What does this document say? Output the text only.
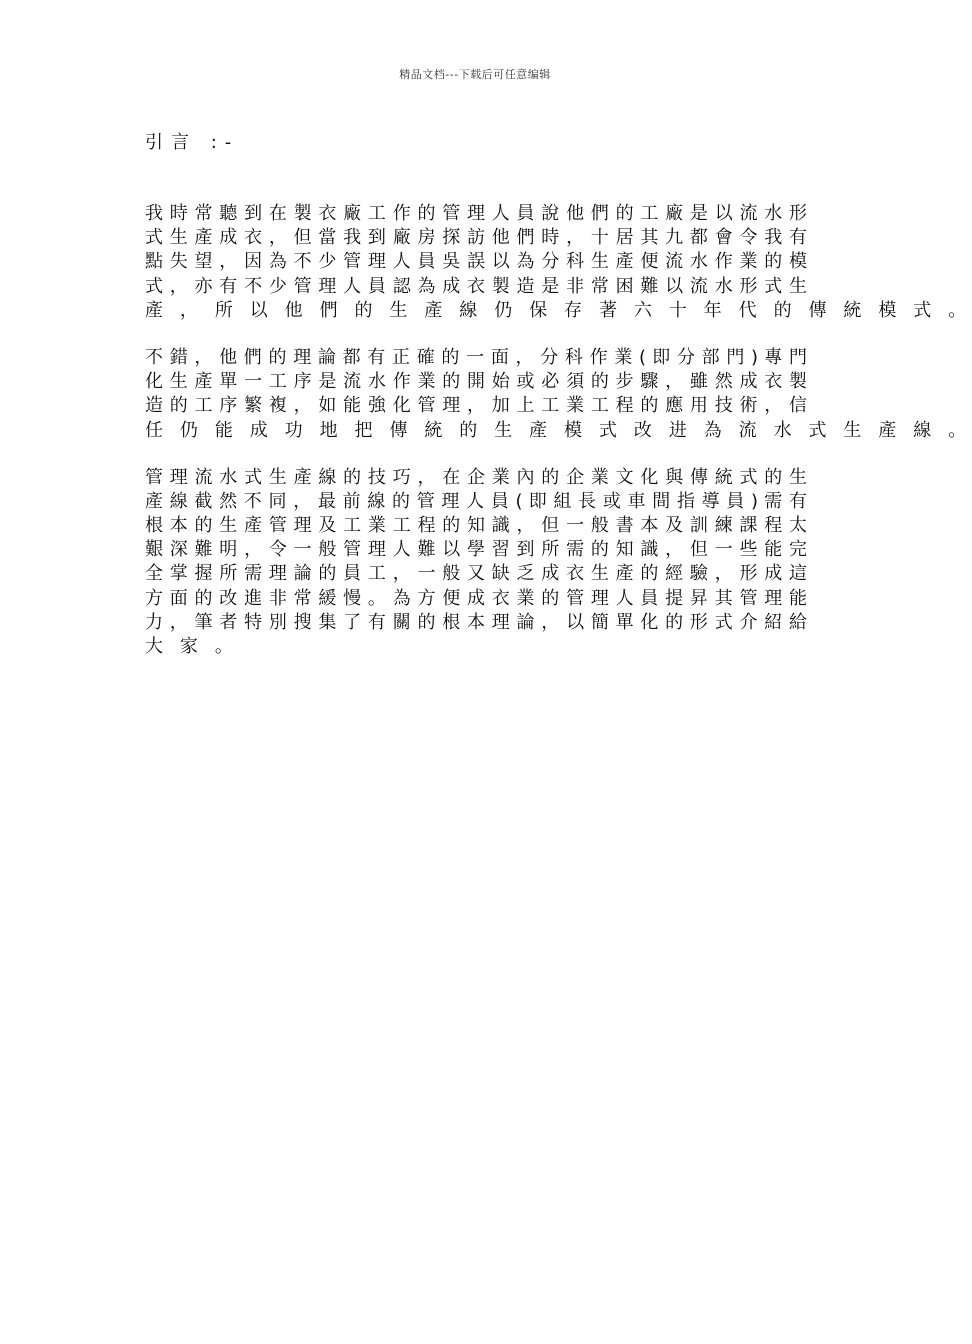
精品文档---下载后可任意编辑
引言 :-
我 時 常 聽 到 在 製 衣 廠 工 作 的 管 理 人 員 說 他 們 的 工 廠 是 以 流 水 形
式 生 產 成 衣 ， 但 當 我 到 廠 房 探 訪 他 們 時 ， 十 居 其 九 都 會 令 我 有
點 失 望 ， 因 為 不 少 管 理 人 員 吳 誤 以 為 分 科 生 產 便 流 水 作 業 的 模
式 ， 亦 有 不 少 管 理 人 員 認 為 成 衣 製 造 是 非 常 困 難 以 流 水 形 式 生
產 ， 所 以 他 們 的 生 產 線 仍 保 存 著 六 十 年 代 的 傳 統 模 式 。
不 錯 ， 他 們 的 理 論 都 有 正 確 的 一 面 ， 分 科 作 業 ( 即 分 部 門 ) 專 門
化 生 產 單 一 工 序 是 流 水 作 業 的 開 始 或 必 須 的 步 驟 ， 雖 然 成 衣 製
造 的 工 序 繁 複 ， 如 能 強 化 管 理 ， 加 上 工 業 工 程 的 應 用 技 術 ， 信
任 仍 能 成 功 地 把 傳 統 的 生 產 模 式 改 进 為 流 水 式 生 產 線 。
管 理 流 水 式 生 產 線 的 技 巧 ， 在 企 業 內 的 企 業 文 化 與 傳 統 式 的 生
產 線 截 然 不 同 ， 最 前 線 的 管 理 人 員 ( 即 組 長 或 車 間 指 導 員 ) 需 有
根 本 的 生 產 管 理 及 工 業 工 程 的 知 識 ， 但 一 般 書 本 及 訓 練 課 程 太
艱 深 難 明 ， 令 一 般 管 理 人 難 以 學 習 到 所 需 的 知 識 ， 但 一 些 能 完
全 掌 握 所 需 理 論 的 員 工 ， 一 般 又 缺 乏 成 衣 生 產 的 經 驗 ， 形 成 這
方 面 的 改 進 非 常 緩 慢 。 為 方 便 成 衣 業 的 管 理 人 員 提 昇 其 管 理 能
力 ， 筆 者 特 別 搜 集 了 有 關 的 根 本 理 論 ， 以 簡 單 化 的 形 式 介 紹 給
大 家 。
